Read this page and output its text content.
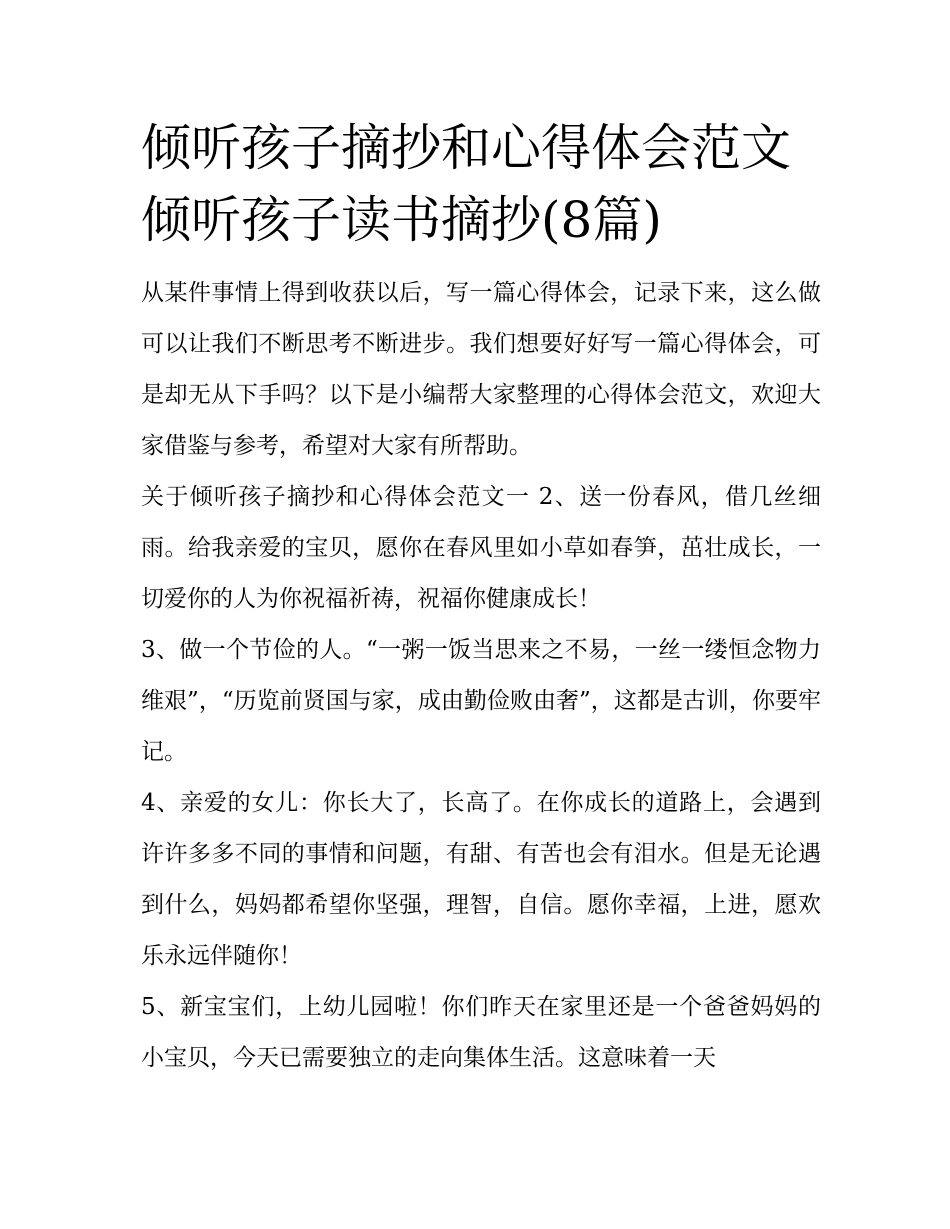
倾听孩子摘抄和心得体会范文
倾听孩子读书摘抄(8篇)

从某件事情上得到收获以后，写一篇心得体会，记录下来，这么做可以让我们不断思考不断进步。我们想要好好写一篇心得体会，可是却无从下手吗？以下是小编帮大家整理的心得体会范文，欢迎大家借鉴与参考，希望对大家有所帮助。

关于倾听孩子摘抄和心得体会范文一 2、送一份春风，借几丝细雨。给我亲爱的宝贝，愿你在春风里如小草如春笋，茁壮成长，一切爱你的人为你祝福祈祷，祝福你健康成长！

3、做一个节俭的人。“一粥一饭当思来之不易，一丝一缕恒念物力维艰”，“历览前贤国与家，成由勤俭败由奢”，这都是古训，你要牢记。

4、亲爱的女儿：你长大了，长高了。在你成长的道路上，会遇到许许多多不同的事情和问题，有甜、有苦也会有泪水。但是无论遇到什么，妈妈都希望你坚强，理智，自信。愿你幸福，上进，愿欢乐永远伴随你！

5、新宝宝们，上幼儿园啦！你们昨天在家里还是一个爸爸妈妈的小宝贝，今天已需要独立的走向集体生活。这意味着一天
